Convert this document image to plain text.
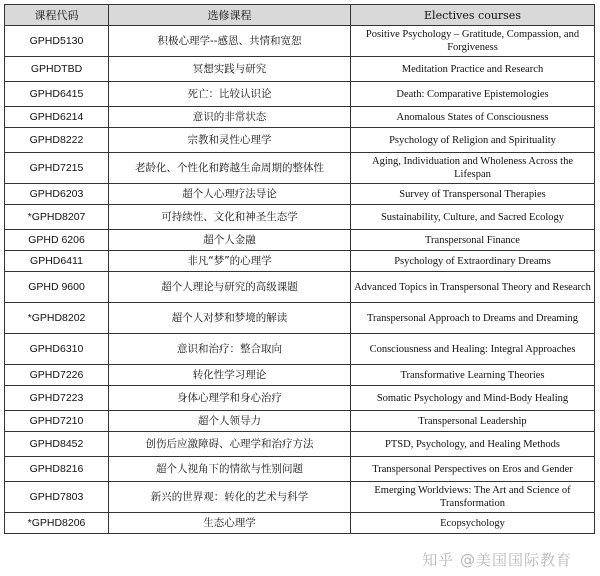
课程代码	选修课程	Electives courses
GPHD5130	积极心理学--感恩、共情和宽恕	Positive Psychology – Gratitude, Compassion, and Forgiveness
GPHDTBD	冥想实践与研究	Meditation Practice and Research
GPHD6415	死亡：比较认识论	Death: Comparative Epistemologies
GPHD6214	意识的非常状态	Anomalous States of Consciousness
GPHD8222	宗教和灵性心理学	Psychology of Religion and Spirituality
GPHD7215	老龄化、个性化和跨越生命周期的整体性	Aging, Individuation and Wholeness Across the Lifespan
GPHD6203	超个人心理疗法导论	Survey of Transpersonal Therapies
*GPHD8207	可持续性、文化和神圣生态学	Sustainability, Culture, and Sacred Ecology
GPHD 6206	超个人金融	Transpersonal Finance
GPHD6411	非凡“梦”的心理学	Psychology of Extraordinary Dreams
GPHD 9600	超个人理论与研究的高级课题	Advanced Topics in Transpersonal Theory and Research
*GPHD8202	超个人对梦和梦境的解读	Transpersonal Approach to Dreams and Dreaming
GPHD6310	意识和治疗：整合取向	Consciousness and Healing: Integral Approaches
GPHD7226	转化性学习理论	Transformative Learning Theories
GPHD7223	身体心理学和身心治疗	Somatic Psychology and Mind-Body Healing
GPHD7210	超个人领导力	Transpersonal Leadership
GPHD8452	创伤后应激障碍、心理学和治疗方法	PTSD, Psychology, and Healing Methods
GPHD8216	超个人视角下的情欲与性别问题	Transpersonal Perspectives on Eros and Gender
GPHD7803	新兴的世界观：转化的艺术与科学	Emerging Worldviews: The Art and Science of Transformation
*GPHD8206	生态心理学	Ecopsychology
知乎 @美国国际教育
